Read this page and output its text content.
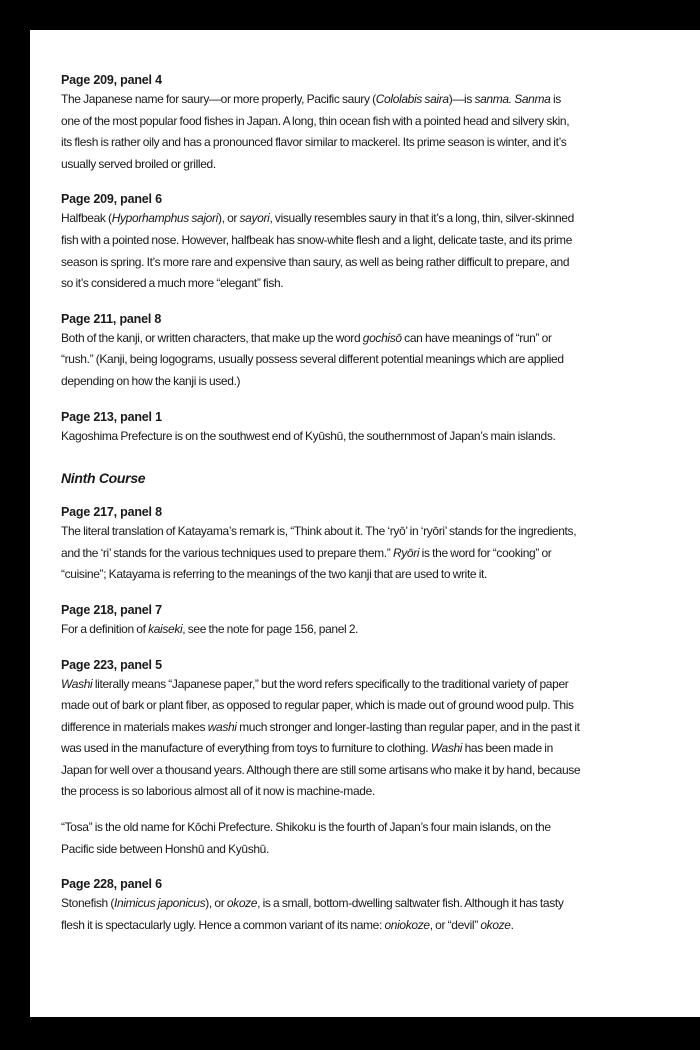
Page 209, panel 4

The Japanese name for saury—or more properly, Pacific saury (Cololabis saira)—is sanma. Sanma is one of the most popular food fishes in Japan. A long, thin ocean fish with a pointed head and silvery skin, its flesh is rather oily and has a pronounced flavor similar to mackerel. Its prime season is winter, and it’s usually served broiled or grilled.

Page 209, panel 6

Halfbeak (Hyporhamphus sajori), or sayori, visually resembles saury in that it’s a long, thin, silver-skinned fish with a pointed nose. However, halfbeak has snow-white flesh and a light, delicate taste, and its prime season is spring. It’s more rare and expensive than saury, as well as being rather difficult to prepare, and so it’s considered a much more “elegant” fish.

Page 211, panel 8

Both of the kanji, or written characters, that make up the word gochisō can have meanings of “run” or “rush.” (Kanji, being logograms, usually possess several different potential meanings which are applied depending on how the kanji is used.)

Page 213, panel 1

Kagoshima Prefecture is on the southwest end of Kyūshū, the southernmost of Japan’s main islands.

Ninth Course

Page 217, panel 8

The literal translation of Katayama’s remark is, “Think about it. The ‘ryō’ in ‘ryōri’ stands for the ingredients, and the ‘ri’ stands for the various techniques used to prepare them.” Ryōri is the word for “cooking” or “cuisine”; Katayama is referring to the meanings of the two kanji that are used to write it.

Page 218, panel 7

For a definition of kaiseki, see the note for page 156, panel 2.

Page 223, panel 5

Washi literally means “Japanese paper,” but the word refers specifically to the traditional variety of paper made out of bark or plant fiber, as opposed to regular paper, which is made out of ground wood pulp. This difference in materials makes washi much stronger and longer-lasting than regular paper, and in the past it was used in the manufacture of everything from toys to furniture to clothing. Washi has been made in Japan for well over a thousand years. Although there are still some artisans who make it by hand, because the process is so laborious almost all of it now is machine-made.

“Tosa” is the old name for Kōchi Prefecture. Shikoku is the fourth of Japan’s four main islands, on the Pacific side between Honshū and Kyūshū.

Page 228, panel 6

Stonefish (Inimicus japonicus), or okoze, is a small, bottom-dwelling saltwater fish. Although it has tasty flesh it is spectacularly ugly. Hence a common variant of its name: oniokoze, or “devil” okoze.
